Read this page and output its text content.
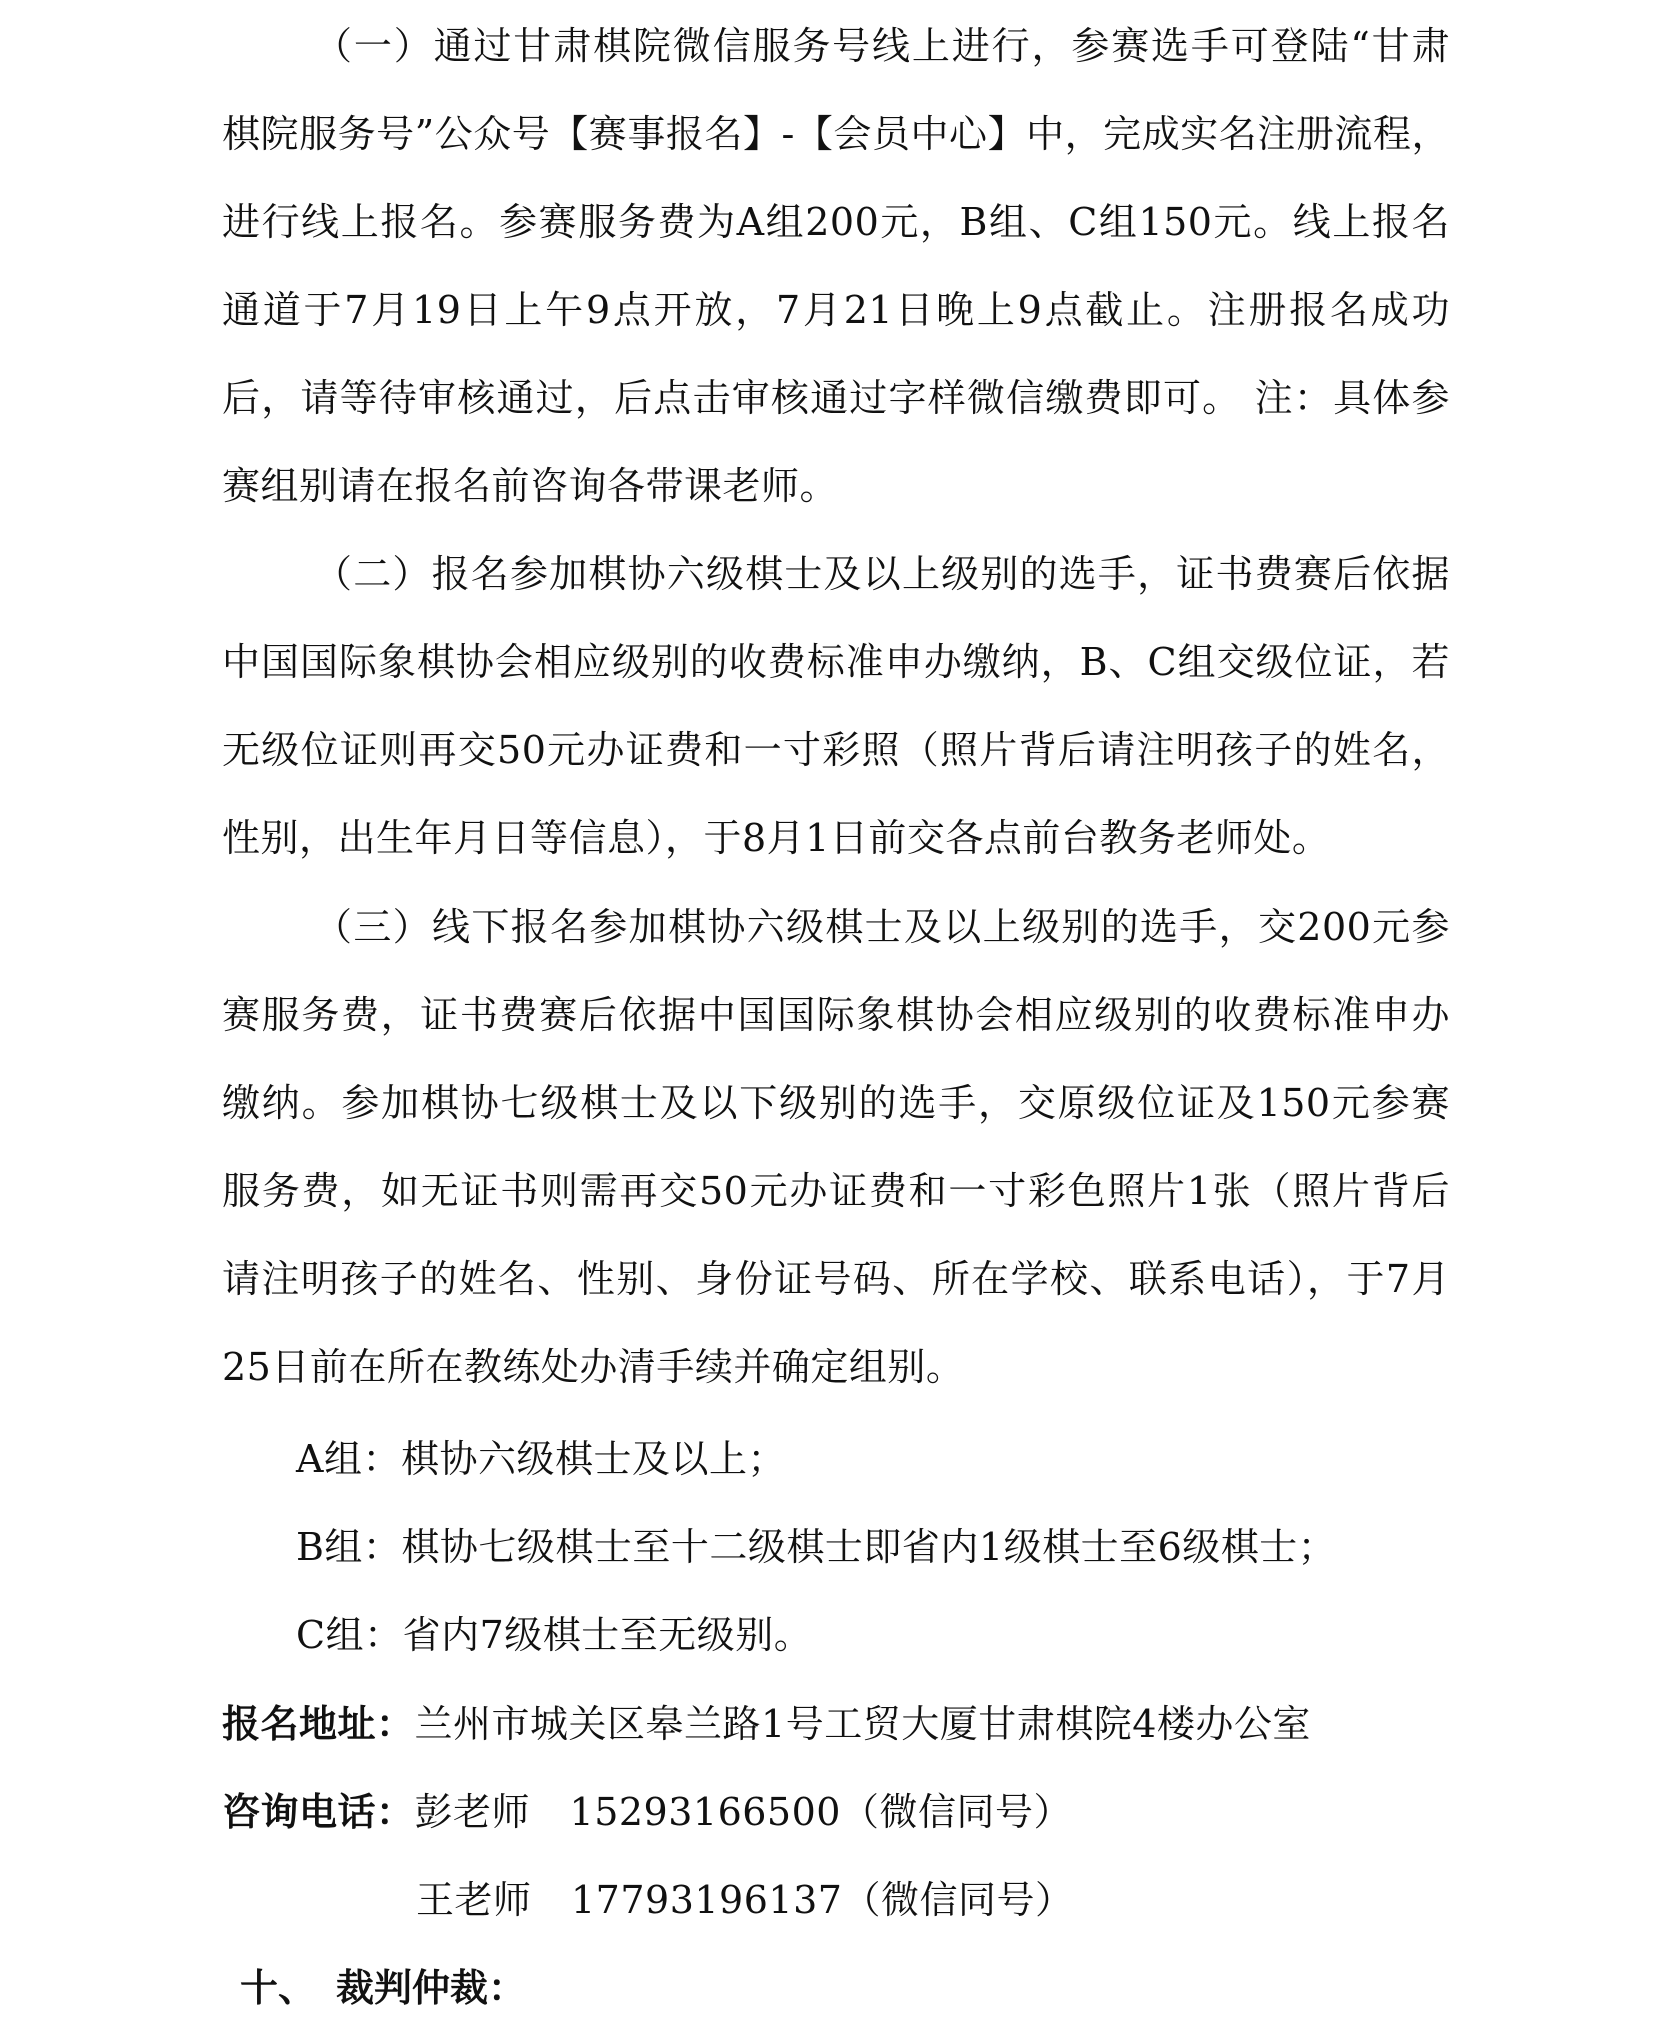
（一）通过甘肃棋院微信服务号线上进行，参赛选手可登陆“甘肃棋院服务号”公众号【赛事报名】-【会员中心】中，完成实名注册流程，进行线上报名。参赛服务费为A组200元，B组、C组150元。线上报名通道于7月19日上午9点开放，7月21日晚上9点截止。注册报名成功后，请等待审核通过，后点击审核通过字样微信缴费即可。 注：具体参赛组别请在报名前咨询各带课老师。

（二）报名参加棋协六级棋士及以上级别的选手，证书费赛后依据中国国际象棋协会相应级别的收费标准申办缴纳，B、C组交级位证，若无级位证则再交50元办证费和一寸彩照（照片背后请注明孩子的姓名，性别，出生年月日等信息），于8月1日前交各点前台教务老师处。

（三）线下报名参加棋协六级棋士及以上级别的选手，交200元参赛服务费，证书费赛后依据中国国际象棋协会相应级别的收费标准申办缴纳。参加棋协七级棋士及以下级别的选手，交原级位证及150元参赛服务费，如无证书则需再交50元办证费和一寸彩色照片1张（照片背后请注明孩子的姓名、性别、身份证号码、所在学校、联系电话），于7月25日前在所在教练处办清手续并确定组别。

A组：棋协六级棋士及以上；
B组：棋协七级棋士至十二级棋士即省内1级棋士至6级棋士；
C组：省内7级棋士至无级别。
报名地址：兰州市城关区皋兰路1号工贸大厦甘肃棋院4楼办公室
咨询电话：彭老师 15293166500（微信同号）
王老师 17793196137（微信同号）
十、 裁判仲裁：
